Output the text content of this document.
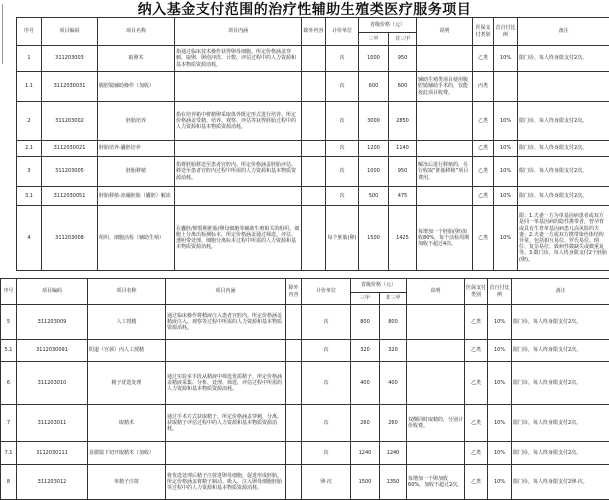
纳入基金支付范围的治疗性辅助生殖类医疗服务项目
序号	项目编码	项目名称	项目内涵	除外内容	计价单位	省级价格（元）		说明	医保支付类别	首自付比例	备注
						三甲	非三甲				
1	311203003	取卵术	指通过临床技术操作获得卵母细胞。所定价格涵盖穿刺、取卵、卵泡冲洗、计数、评估过程中的人力资源和基本物质资源消耗。		次	1000	950		乙类	10%	限门诊，每人终身限支付2次。
1.1	3112030031	腹腔镜辅助操作（加收）			次	600	600	辅助生殖类项目使用腹腔镜辅助手术的，仅能按此项目收费。	丙类		
2	311203002	胚胎培养	指在培养箱中将精卵采取体外既定形式进行培养。所定价格涵盖受精、培养、观察、评估等获得胚胎过程中的人力资源和基本物质资源消耗。		次	3000	2850		乙类	10%	限门诊，每人终身限支付2次。
2.1	3112030021	胚胎培养-囊胚培养			次	1200	1140		乙类	10%	限门诊，每人终身限支付2次。
3	311203005	胚胎移植	指将胚胎移送至患者宫腔内。所定价格涵盖胚胎评估、移送至患者宫腔内过程中所需的人力资源和基本物质资源消耗。		次	1000	950	解冻后进行移植的，另行收取“胚胎移植”项目费用。	乙类	10%	限门诊，每人终身限支付2次。
3.1	3112030051	胚胎移植-冻融胚胎（囊胚）解冻			次	500	475		乙类	10%	限门诊，每人终身限支付2次。
4	311203008	组织、细胞活检（辅助生殖）	在囊胚/卵裂期胚胎/卵母细胞等辅助生殖相关的组织、细胞上分离出检测标本。所定价格涵盖通过筛选、评估、透明带处理、细胞分离标本过程中所需的人力资源和基本物质资源消耗。		每个胚胎(卵)	1500	1425	每增加一个胚胎(卵)加收80%，每个活检周期加收不超过4次。	乙类	10%	限：1.夫妻一方为单基因病患者或双方是同一单基因病的隐性携带者，曾孕育或具有生育单基因病患儿高风险的夫妻；2.夫妻一方或双方携带染色体结构异常，包括相互易位、罗氏易位、倒位、复杂易位、致病性微缺失或微重复等。3.限门诊，每人终身限支付2个胚胎(卵)。
序号	项目编码	项目名称	项目内涵	除外内容	计价单位	省级价格（元）		说明	医保支付类别	首自付比例	备注
						三甲	非三甲				
5	311203009	人工授精	通过临床操作将精液注入患者宫腔内。所定价格涵盖精液注入、观察等过程中所需的人力资源和基本物质资源消耗。		次	800	800		乙类	10%	限门诊，每人终身限支付2次。
5.1	3112030091	阴道（宫颈）内人工授精			次	320	320		乙类	10%	限门诊，每人终身限支付2次。
6	311203010	精子优选处理	通过实验室手段从精液中筛选优质精子。所定价格涵盖精液采集、分析、处理、筛选、评估过程中所需的人力资源和基本物质资源消耗。		次	400	400		乙类	10%	限门诊，每人终身限支付2次。
7	311203011	取精术	通过手术方式获取精子。所定价格涵盖穿刺、分离、获取精子评估过程中的人力资源和基本物质资源消耗。		次	260	260	双侧同时取精的，分别计价收费。	乙类	10%	限门诊，每人终身限支付2次。
7.1	3112030111	显微镜下切开取精术（加收）			次	1240	1240		乙类	10%	限门诊，每人终身限支付2次。
8	311203012	单精子注射	将优选处理后精子注射进卵母细胞，促进形成胚胎。所定价格涵盖将精子制动、吸入、注入卵母细胞胚胎等过程中的人力资源和基本物质资源消耗。		卵·次	1500	1350	每增加一个卵加收60%，加收不超过2次。	乙类	10%	限门诊，每人终身限支付2卵·次。
